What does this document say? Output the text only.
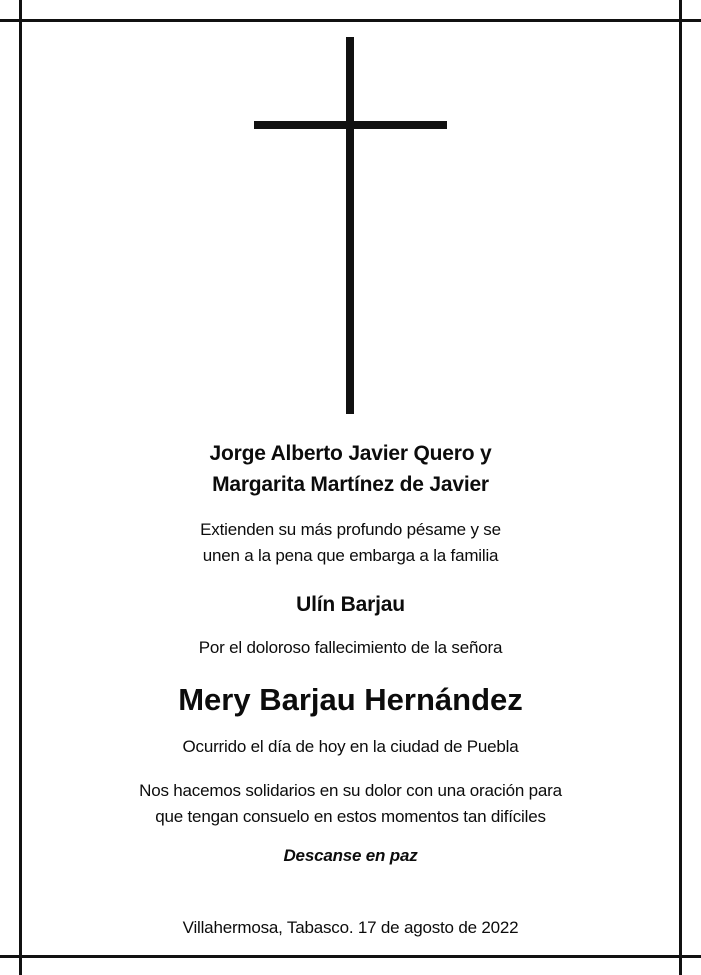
Jorge Alberto Javier Quero y
Margarita Martínez de Javier
Extienden su más profundo pésame y se
unen a la pena que embarga a la familia
Ulín Barjau
Por el doloroso fallecimiento de la señora
Mery Barjau Hernández
Ocurrido el día de hoy en la ciudad de Puebla
Nos hacemos solidarios en su dolor con una oración para
que tengan consuelo en estos momentos tan difíciles
Descanse en paz
Villahermosa, Tabasco. 17 de agosto de 2022
